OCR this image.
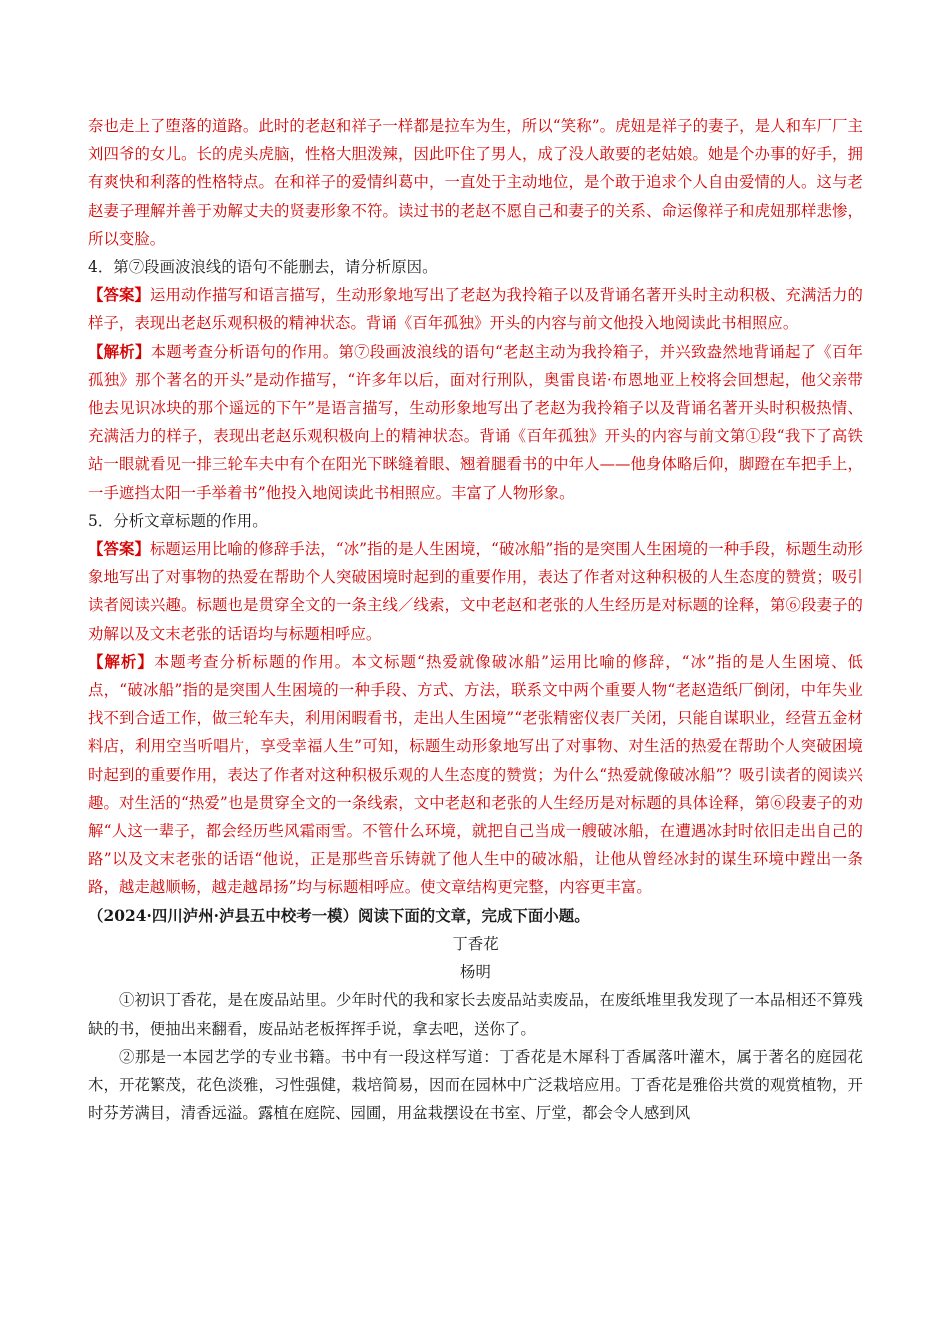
奈也走上了堕落的道路。此时的老赵和祥子一样都是拉车为生，所以“笑称”。虎妞是祥子的妻子，是人和车厂厂主刘四爷的女儿。长的虎头虎脑，性格大胆泼辣，因此吓住了男人，成了没人敢要的老姑娘。她是个办事的好手，拥有爽快和利落的性格特点。在和祥子的爱情纠葛中，一直处于主动地位，是个敢于追求个人自由爱情的人。这与老赵妻子理解并善于劝解丈夫的贤妻形象不符。读过书的老赵不愿自己和妻子的关系、命运像祥子和虎妞那样悲惨，所以变脸。

4．第⑦段画波浪线的语句不能删去，请分析原因。

【答案】运用动作描写和语言描写，生动形象地写出了老赵为我拎箱子以及背诵名著开头时主动积极、充满活力的样子，表现出老赵乐观积极的精神状态。背诵《百年孤独》开头的内容与前文他投入地阅读此书相照应。

【解析】本题考查分析语句的作用。第⑦段画波浪线的语句“老赵主动为我拎箱子，并兴致盎然地背诵起了《百年孤独》那个著名的开头”是动作描写，“许多年以后，面对行刑队，奥雷良诺·布恩地亚上校将会回想起，他父亲带他去见识冰块的那个遥远的下午”是语言描写，生动形象地写出了老赵为我拎箱子以及背诵名著开头时积极热情、充满活力的样子，表现出老赵乐观积极向上的精神状态。背诵《百年孤独》开头的内容与前文第①段“我下了高铁站一眼就看见一排三轮车夫中有个在阳光下眯缝着眼、翘着腿看书的中年人——他身体略后仰，脚蹬在车把手上，一手遮挡太阳一手举着书”他投入地阅读此书相照应。丰富了人物形象。

5．分析文章标题的作用。

【答案】标题运用比喻的修辞手法，“冰”指的是人生困境，“破冰船”指的是突围人生困境的一种手段，标题生动形象地写出了对事物的热爱在帮助个人突破困境时起到的重要作用，表达了作者对这种积极的人生态度的赞赏；吸引读者阅读兴趣。标题也是贯穿全文的一条主线／线索，文中老赵和老张的人生经历是对标题的诠释，第⑥段妻子的劝解以及文末老张的话语均与标题相呼应。

【解析】本题考查分析标题的作用。本文标题“热爱就像破冰船”运用比喻的修辞，“冰”指的是人生困境、低点，“破冰船”指的是突围人生困境的一种手段、方式、方法，联系文中两个重要人物“老赵造纸厂倒闭，中年失业找不到合适工作，做三轮车夫，利用闲暇看书，走出人生困境”“老张精密仪表厂关闭，只能自谋职业，经营五金材料店，利用空当听唱片，享受幸福人生”可知，标题生动形象地写出了对事物、对生活的热爱在帮助个人突破困境时起到的重要作用，表达了作者对这种积极乐观的人生态度的赞赏；为什么“热爱就像破冰船”？吸引读者的阅读兴趣。对生活的“热爱”也是贯穿全文的一条线索，文中老赵和老张的人生经历是对标题的具体诠释，第⑥段妻子的劝解“人这一辈子，都会经历些风霜雨雪。不管什么环境，就把自己当成一艘破冰船，在遭遇冰封时依旧走出自己的路”以及文末老张的话语“他说，正是那些音乐铸就了他人生中的破冰船，让他从曾经冰封的谋生环境中蹚出一条路，越走越顺畅，越走越昂扬”均与标题相呼应。使文章结构更完整，内容更丰富。

（2024·四川泸州·泸县五中校考一模）阅读下面的文章，完成下面小题。

丁香花

杨明

①初识丁香花，是在废品站里。少年时代的我和家长去废品站卖废品，在废纸堆里我发现了一本品相还不算残缺的书，便抽出来翻看，废品站老板挥挥手说，拿去吧，送你了。

②那是一本园艺学的专业书籍。书中有一段这样写道：丁香花是木犀科丁香属落叶灌木，属于著名的庭园花木，开花繁茂，花色淡雅，习性强健，栽培简易，因而在园林中广泛栽培应用。丁香花是雅俗共赏的观赏植物，开时芬芳满目，清香远溢。露植在庭院、园圃，用盆栽摆设在书室、厅堂，都会令人感到风
